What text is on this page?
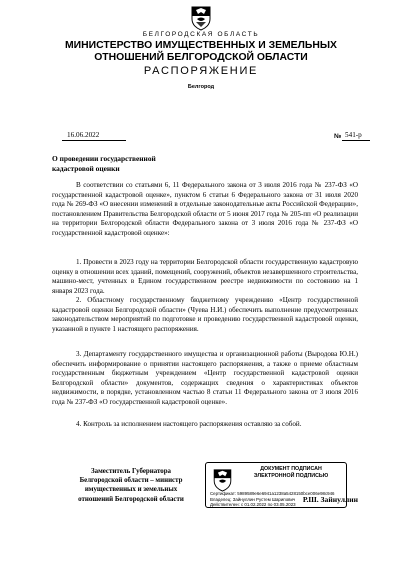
БЕЛГОРОДСКАЯ ОБЛАСТЬ
МИНИСТЕРСТВО ИМУЩЕСТВЕННЫХ И ЗЕМЕЛЬНЫХ
ОТНОШЕНИЙ БЕЛГОРОДСКОЙ ОБЛАСТИ
РАСПОРЯЖЕНИЕ
Белгород
16.06.2022	№ 541-р
О проведении государственной
кадастровой оценки
В соответствии со статьями 6, 11 Федерального закона от 3 июля 2016 года № 237-ФЗ «О государственной кадастровой оценке», пунктом 6 статьи 6 Федерального закона от 31 июля 2020 года № 269-ФЗ «О внесении изменений в отдельные законодательные акты Российской Федерации», постановлением Правительства Белгородской области от 5 июня 2017 года № 205-пп «О реализации на территории Белгородской области Федерального закона от 3 июля 2016 года № 237-ФЗ «О государственной кадастровой оценке»:
1. Провести в 2023 году на территории Белгородской области государственную кадастровую оценку в отношении всех зданий, помещений, сооружений, объектов незавершенного строительства, машино-мест, учтенных в Едином государственном реестре недвижимости по состоянию на 1 января 2023 года.
2. Областному государственному бюджетному учреждению «Центр государственной кадастровой оценки Белгородской области» (Чуева Н.И.) обеспечить выполнение предусмотренных законодательством мероприятий по подготовке и проведению государственной кадастровой оценки, указанной в пункте 1 настоящего распоряжения.
3. Департаменту государственного имущества и организационной работы (Выродова Ю.Н.) обеспечить информирование о принятии настоящего распоряжения, а также о приеме областным государственным бюджетным учреждением «Центр государственной кадастровой оценки Белгородской области» документов, содержащих сведения о характеристиках объектов недвижимости, в порядке, установленном частью 8 статьи 11 Федерального закона от 3 июля 2016 года № 237-ФЗ «О государственной кадастровой оценке».
4. Контроль за исполнением настоящего распоряжения оставляю за собой.
Заместитель Губернатора
Белгородской области – министр
имущественных и земельных
отношений Белгородской области
ДОКУМЕНТ ПОДПИСАН
ЭЛЕКТРОННОЙ ПОДПИСЬЮ
Сертификат: 5989589e6e6941a1238a5428150bce006e98c946
Владелец: Зайнуллин Рустем Шарипович
Действителен: с 01.02.2022 по 03.05.2023
Р.Ш. Зайнуллин
